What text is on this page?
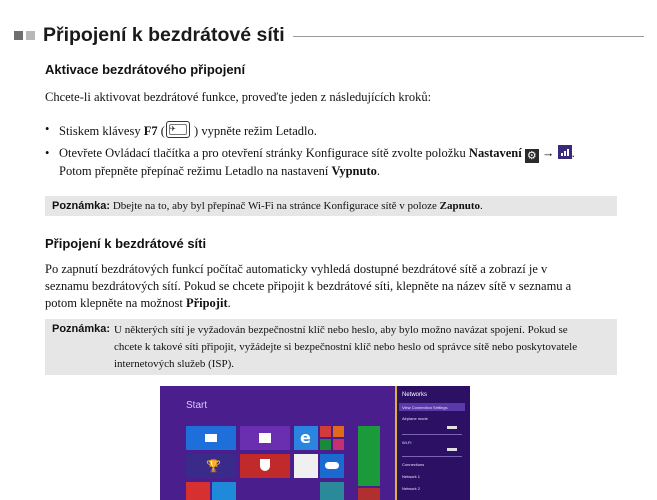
Připojení k bezdrátové síti
Aktivace bezdrátového připojení
Chcete-li aktivovat bezdrátové funkce, proveďte jeden z následujících kroků:
• Stiskem klávesy F7 ( ✈	) vypněte režim Letadlo.
• Otevřete Ovládací tlačítka a pro otevření stránky Konfigurace sítě zvolte položku Nastavení ⚙ → .
Potom přepněte přepínač režimu Letadlo na nastavení Vypnuto.
Poznámka: Dbejte na to, aby byl přepínač Wi-Fi na stránce Konfigurace sítě v poloze Zapnuto.
Připojení k bezdrátové síti
Po zapnutí bezdrátových funkcí počítač automaticky vyhledá dostupné bezdrátové sítě a zobrazí je v
seznamu bezdrátových sítí. Pokud se chcete připojit k bezdrátové síti, klepněte na název sítě v seznamu a
potom klepněte na možnost Připojit.
Poznámka: U některých sítí je vyžadován bezpečnostní klíč nebo heslo, aby bylo možno navázat spojení. Pokud se
chcete k takové síti připojit, vyžádejte si bezpečnostní klíč nebo heslo od správce sítě nebo poskytovatele
internetových služeb (ISP).
Start
e
🏆
Networks
View Connection Settings
Airplane mode
Wi-Fi
Connections
Network 1
Network 2
